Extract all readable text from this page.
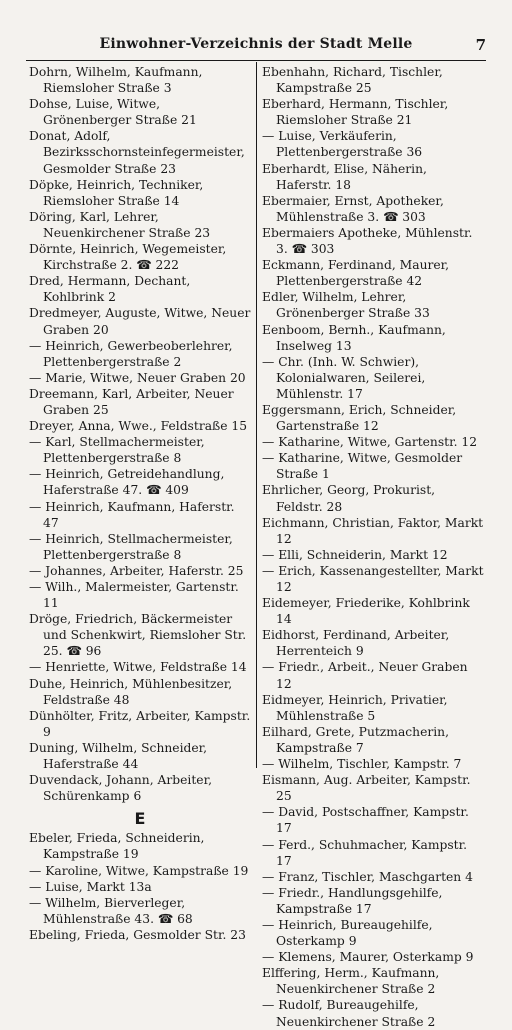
Einwohner-Verzeichnis der Stadt Melle	7

Dohrn, Wilhelm, Kaufmann, Riemsloher Straße 3

Dohse, Luise, Witwe, Grönenberger Straße 21

Donat, Adolf, Bezirksschornsteinfegermeister, Gesmolder Straße 23

Döpke, Heinrich, Techniker, Riemsloher Straße 14

Döring, Karl, Lehrer, Neuenkirchener Straße 23

Dörnte, Heinrich, Wegemeister, Kirchstraße 2. ☎ 222

Dred, Hermann, Dechant, Kohlbrink 2

Dredmeyer, Auguste, Witwe, Neuer Graben 20

— Heinrich, Gewerbeoberlehrer, Plettenbergerstraße 2

— Marie, Witwe, Neuer Graben 20

Dreemann, Karl, Arbeiter, Neuer Graben 25

Dreyer, Anna, Wwe., Feldstraße 15

— Karl, Stellmachermeister, Plettenbergerstraße 8

— Heinrich, Getreidehandlung, Haferstraße 47. ☎ 409

— Heinrich, Kaufmann, Haferstr. 47

— Heinrich, Stellmachermeister, Plettenbergerstraße 8

— Johannes, Arbeiter, Haferstr. 25

— Wilh., Malermeister, Gartenstr. 11

Dröge, Friedrich, Bäckermeister und Schenkwirt, Riemsloher Str. 25. ☎ 96

— Henriette, Witwe, Feldstraße 14

Duhe, Heinrich, Mühlenbesitzer, Feldstraße 48

Dünhölter, Fritz, Arbeiter, Kampstr. 9

Duning, Wilhelm, Schneider, Haferstraße 44

Duvendack, Johann, Arbeiter, Schürenkamp 6

E

Ebeler, Frieda, Schneiderin, Kampstraße 19

— Karoline, Witwe, Kampstraße 19

— Luise, Markt 13a

— Wilhelm, Bierverleger, Mühlenstraße 43. ☎ 68

Ebeling, Frieda, Gesmolder Str. 23

Ebenhahn, Richard, Tischler, Kampstraße 25

Eberhard, Hermann, Tischler, Riemsloher Straße 21

— Luise, Verkäuferin, Plettenbergerstraße 36

Eberhardt, Elise, Näherin, Haferstr. 18

Ebermaier, Ernst, Apotheker, Mühlenstraße 3. ☎ 303

Ebermaiers Apotheke, Mühlenstr. 3. ☎ 303

Eckmann, Ferdinand, Maurer, Plettenbergerstraße 42

Edler, Wilhelm, Lehrer, Grönenberger Straße 33

Eenboom, Bernh., Kaufmann, Inselweg 13

— Chr. (Inh. W. Schwier), Kolonialwaren, Seilerei, Mühlenstr. 17

Eggersmann, Erich, Schneider, Gartenstraße 12

— Katharine, Witwe, Gartenstr. 12

— Katharine, Witwe, Gesmolder Straße 1

Ehrlicher, Georg, Prokurist, Feldstr. 28

Eichmann, Christian, Faktor, Markt 12

— Elli, Schneiderin, Markt 12

— Erich, Kassenangestellter, Markt 12

Eidemeyer, Friederike, Kohlbrink 14

Eidhorst, Ferdinand, Arbeiter, Herrenteich 9

— Friedr., Arbeit., Neuer Graben 12

Eidmeyer, Heinrich, Privatier, Mühlenstraße 5

Eilhard, Grete, Putzmacherin, Kampstraße 7

— Wilhelm, Tischler, Kampstr. 7

Eismann, Aug. Arbeiter, Kampstr. 25

— David, Postschaffner, Kampstr. 17

— Ferd., Schuhmacher, Kampstr. 17

— Franz, Tischler, Maschgarten 4

— Friedr., Handlungsgehilfe, Kampstraße 17

— Heinrich, Bureaugehilfe, Osterkamp 9

— Klemens, Maurer, Osterkamp 9

Elffering, Herm., Kaufmann, Neuenkirchener Straße 2

— Rudolf, Bureaugehilfe, Neuenkirchener Straße 2
